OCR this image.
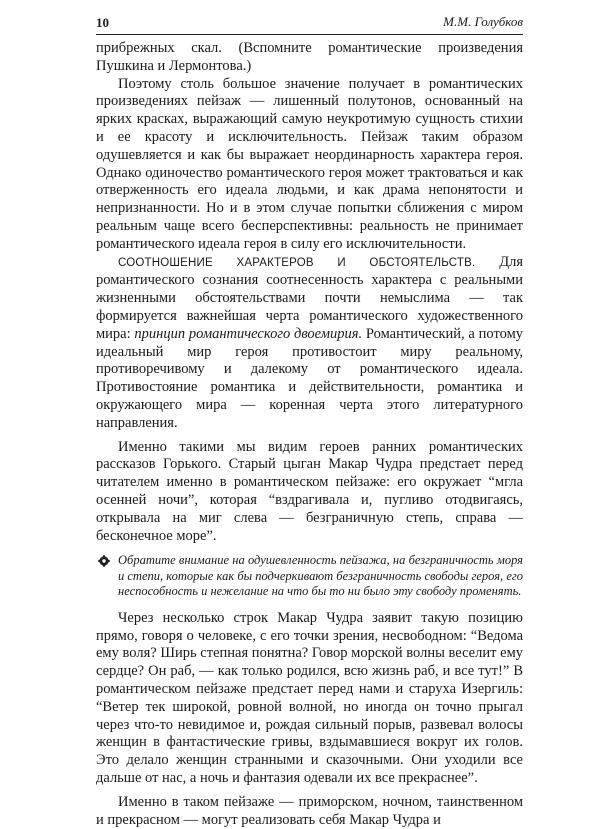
10	М.М. Голубков

прибрежных скал. (Вспомните романтические произведения Пушкина и Лермонтова.)

Поэтому столь большое значение получает в романтических произведениях пейзаж — лишенный полутонов, основанный на ярких красках, выражающий самую неукротимую сущность стихии и ее красоту и исключительность. Пейзаж таким образом одушевляется и как бы выражает неординарность характера героя. Однако одиночество романтического героя может трактоваться и как отверженность его идеала людьми, и как драма непонятости и непризнанности. Но и в этом случае попытки сближения с миром реальным чаще всего бесперспективны: реальность не принимает романтического идеала героя в силу его исключительности.

СООТНОШЕНИЕ ХАРАКТЕРОВ И ОБСТОЯТЕЛЬСТВ. Для романтического сознания соотнесенность характера с реальными жизненными обстоятельствами почти немыслима — так формируется важнейшая черта романтического художественного мира: принцип романтического двоемирия. Романтический, а потому идеальный мир героя противостоит миру реальному, противоречивому и далекому от романтического идеала. Противостояние романтика и действительности, романтика и окружающего мира — коренная черта этого литературного направления.

Именно такими мы видим героев ранних романтических рассказов Горького. Старый цыган Макар Чудра предстает перед читателем именно в романтическом пейзаже: его окружает “мгла осенней ночи”, которая “вздрагивала и, пугливо отодвигаясь, открывала на миг слева — безграничную степь, справа — бесконечное море”.

Обратите внимание на одушевленность пейзажа, на безграничность моря и степи, которые как бы подчеркивают безграничность свободы героя, его неспособность и нежелание на что бы то ни было эту свободу променять.

Через несколько строк Макар Чудра заявит такую позицию прямо, говоря о человеке, с его точки зрения, несвободном: “Ведома ему воля? Ширь степная понятна? Говор морской волны веселит ему сердце? Он раб, — как только родился, всю жизнь раб, и все тут!” В романтическом пейзаже предстает перед нами и старуха Изергиль: “Ветер тек широкой, ровной волной, но иногда он точно прыгал через что-то невидимое и, рождая сильный порыв, развевал волосы женщин в фантастические гривы, вздымавшиеся вокруг их голов. Это делало женщин странными и сказочными. Они уходили все дальше от нас, а ночь и фантазия одевали их все прекраснее”.

Именно в таком пейзаже — приморском, ночном, таинственном и прекрасном — могут реализовать себя Макар Чудра и
